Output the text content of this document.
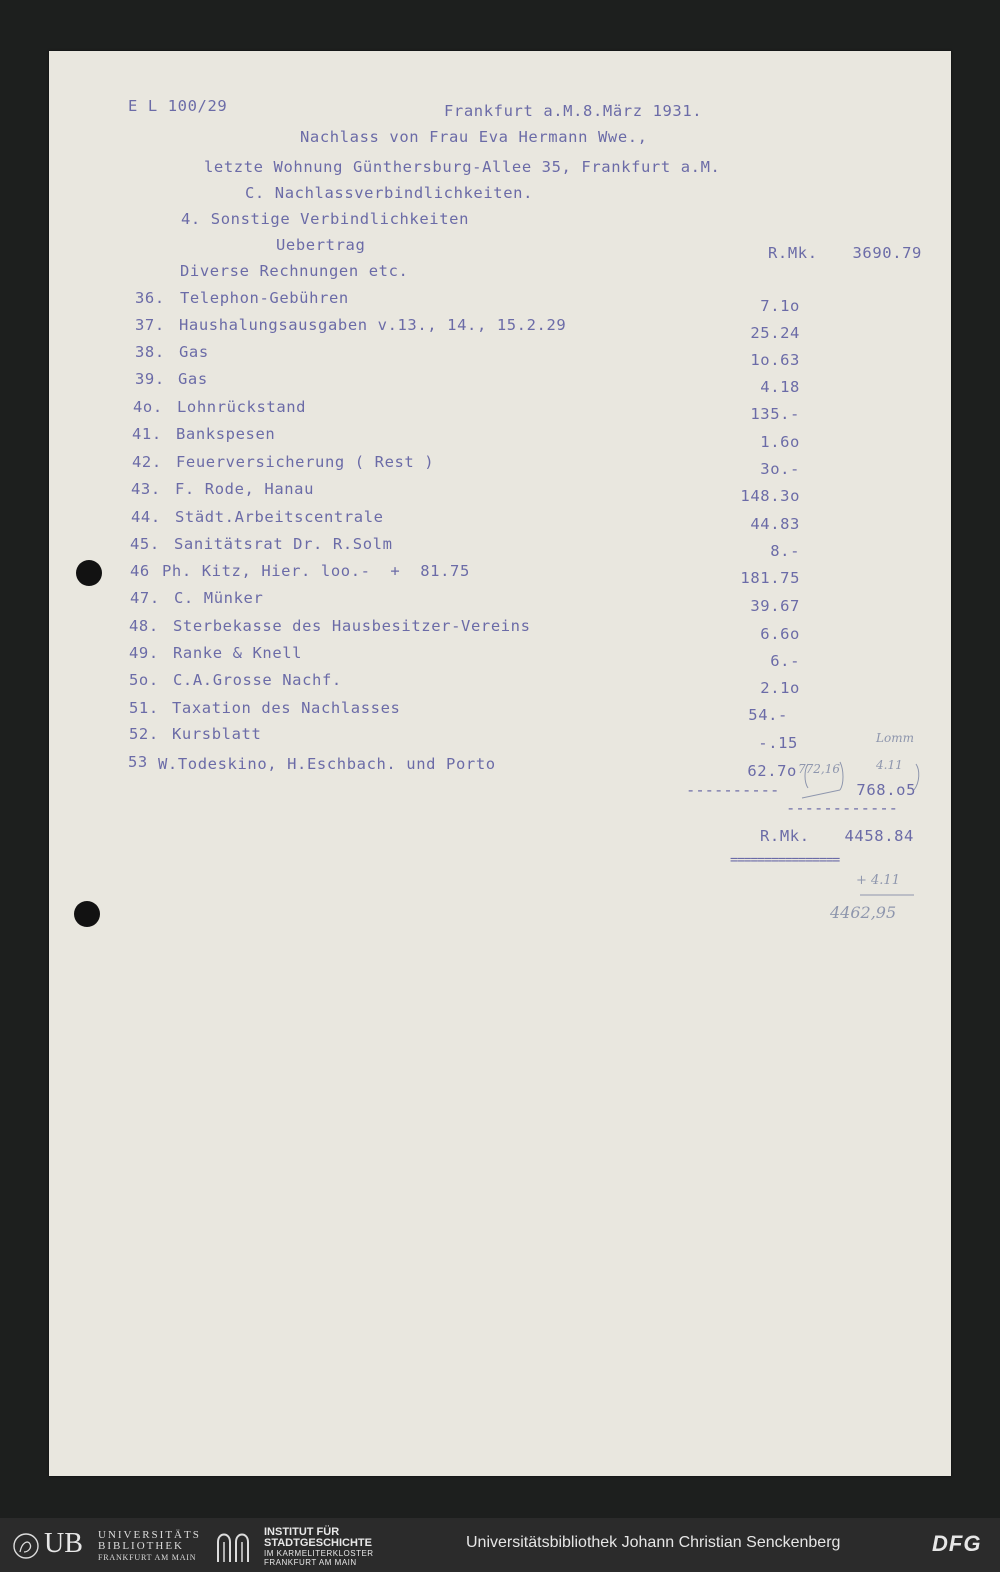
E L 100/29	Frankfurt a.M.8.März 1931.
Nachlass von Frau Eva Hermann Wwe.,
letzte Wohnung Günthersburg-Allee 35, Frankfurt a.M.
C. Nachlassverbindlichkeiten.
4. Sonstige Verbindlichkeiten
Uebertrag	R.Mk.	3690.79
Diverse Rechnungen etc.
36. Telephon-Gebühren	7.1o
37. Haushalungsausgaben v.13., 14., 15.2.29	25.24
38. Gas	1o.63
39. Gas	4.18
4o. Lohnrückstand	135.-
41. Bankspesen	1.6o
42. Feuerversicherung ( Rest )	3o.-
43. F. Rode, Hanau	148.3o
44. Städt.Arbeitscentrale	44.83
45. Sanitätsrat Dr. R.Solm	8.-
46 Ph. Kitz, Hier. loo.-  +  81.75	181.75
47. C. Münker	39.67
48. Sterbekasse des Hausbesitzer-Vereins	6.6o
49. Ranke & Knell	6.-
5o. C.A.Grosse Nachf.	2.1o
51. Taxation des Nachlasses	54.-
52. Kursblatt	-.15
53 W.Todeskino, H.Eschbach. und Porto	62.7o
----------	768.o5
------------
R.Mk.	4458.84
================
772,16	4.11
Lomm
+ 4.11
4462,95
UB UNIVERSITÄTS
BIBLIOTHEK
FRANKFURT AM MAIN
INSTITUT FÜR
STADTGESCHICHTE
IM KARMELITERKLOSTER
FRANKFURT AM MAIN
Universitätsbibliothek Johann Christian Senckenberg	DFG
